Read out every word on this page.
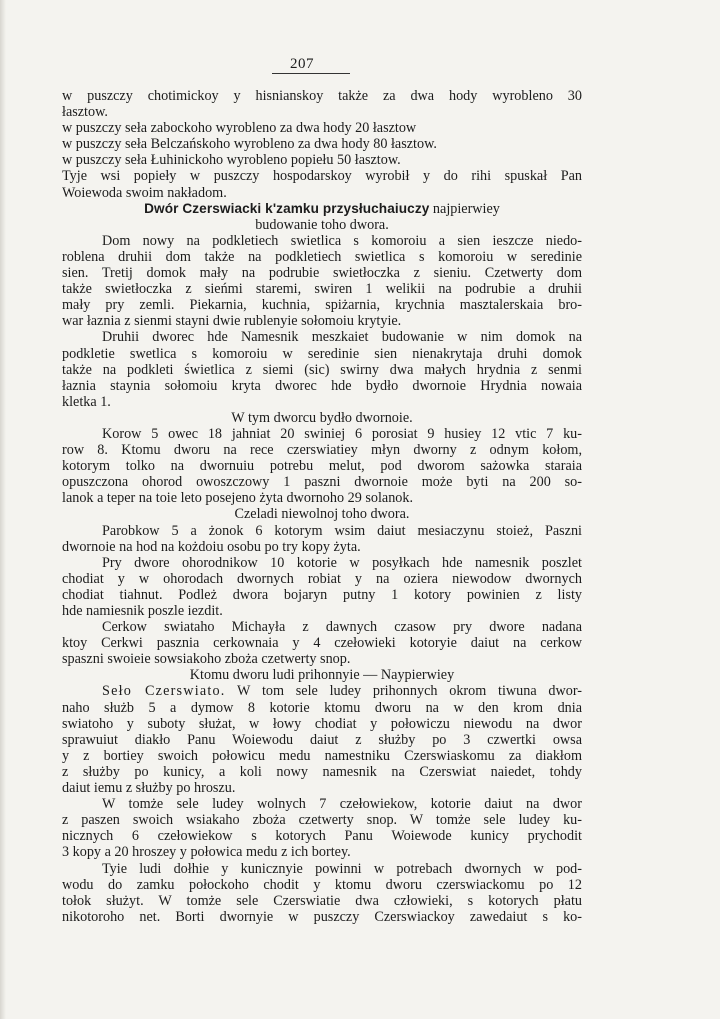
207
w puszczy chotimickoy y hisnianskoy także za dwa hody wyrobleno 30
łasztow.
w puszczy seła zabockoho wyrobleno za dwa hody 20 łasztow
w puszczy seła Belczańskoho wyrobleno za dwa hody 80 łasztow.
w puszczy seła Łuhinickoho wyrobleno popiełu 50 łasztow.
Tyje wsi popieły w puszczy hospodarskoy wyrobił y do rihi spuskał Pan
Woiewoda swoim nakładom.
Dwór Czerswiacki k'zamku przysłuchaiuczy najpierwiey
budowanie toho dwora.
Dom nowy na podkletiech swietlica s komoroiu a sien ieszcze niedo-
roblena druhii dom także na podkletiech swietlica s komoroiu w seredinie
sien. Tretij domok mały na podrubie swietłoczka z sieniu. Czetwerty dom
także swietłoczka z sieńmi staremi, swiren 1 welikii na podrubie a druhii
mały pry zemli. Piekarnia, kuchnia, spiżarnia, krychnia masztalerskaia bro-
war łaznia z sienmi stayni dwie rublenyie sołomoiu krytyie.
Druhii dworec hde Namesnik meszkaiet budowanie w nim domok na
podkletie swetlica s komoroiu w seredinie sien nienakrytaja druhi domok
także na podkleti świetlica z siemi (sic) swirny dwa małych hrydnia z senmi
łaznia staynia sołomoiu kryta dworec hde bydło dwornoie Hrydnia nowaia
kletka 1.
W tym dworcu bydło dwornoie.
Korow 5 owec 18 jahniat 20 swiniej 6 porosiat 9 husiey 12 vtic 7 ku-
row 8. Ktomu dworu na rece czerswiatiey młyn dworny z odnym kołom,
kotorym tolko na dwornuiu potrebu melut, pod dworom sażowka staraia
opuszczona ohorod owoszczowy 1 paszni dwornoie może byti na 200 so-
lanok a teper na toie leto posejeno żyta dwornoho 29 solanok.
Czeladi niewolnoj toho dwora.
Parobkow 5 a żonok 6 kotorym wsim daiut mesiaczynu stoież, Paszni
dwornoie na hod na kożdoiu osobu po try kopy żyta.
Pry dwore ohorodnikow 10 kotorie w posyłkach hde namesnik poszlet
chodiat y w ohorodach dwornych robiat y na oziera niewodow dwornych
chodiat tiahnut. Podleż dwora bojaryn putny 1 kotory powinien z listy
hde namiesnik poszle iezdit.
Cerkow swiataho Michayła z dawnych czasow pry dwore nadana
ktoy Cerkwi pasznia cerkownaia y 4 czełowieki kotoryie daiut na cerkow
spaszni swoieie sowsiakoho zboża czetwerty snop.
Ktomu dworu ludi prihonnyie — Naypierwiey
Seło Czerswiato. W tom sele ludey prihonnych okrom tiwuna dwor-
naho służb 5 a dymow 8 kotorie ktomu dworu na w den krom dnia
swiatoho y suboty służat, w łowy chodiat y połowiczu niewodu na dwor
sprawuiut diakło Panu Woiewodu daiut z służby po 3 czwertki owsa
y z bortiey swoich połowicu medu namestniku Czerswiaskomu za diakłom
z służby po kunicy, a koli nowy namesnik na Czerswiat naiedet, tohdy
daiut iemu z służby po hroszu.
W tomże sele ludey wolnych 7 czełowiekow, kotorie daiut na dwor
z paszen swoich wsiakaho zboża czetwerty snop. W tomże sele ludey ku-
nicznych 6 czełowiekow s kotorych Panu Woiewode kunicy prychodit
3 kopy a 20 hroszey y połowica medu z ich bortey.
Tyie ludi dołhie y kunicznyie powinni w potrebach dwornych w pod-
wodu do zamku połockoho chodit y ktomu dworu czerswiackomu po 12
tołok służyt. W tomże sele Czerswiatie dwa człowieki, s kotorych płatu
nikotoroho net. Borti dwornyie w puszczy Czerswiackoy zawedaiut s ko-
